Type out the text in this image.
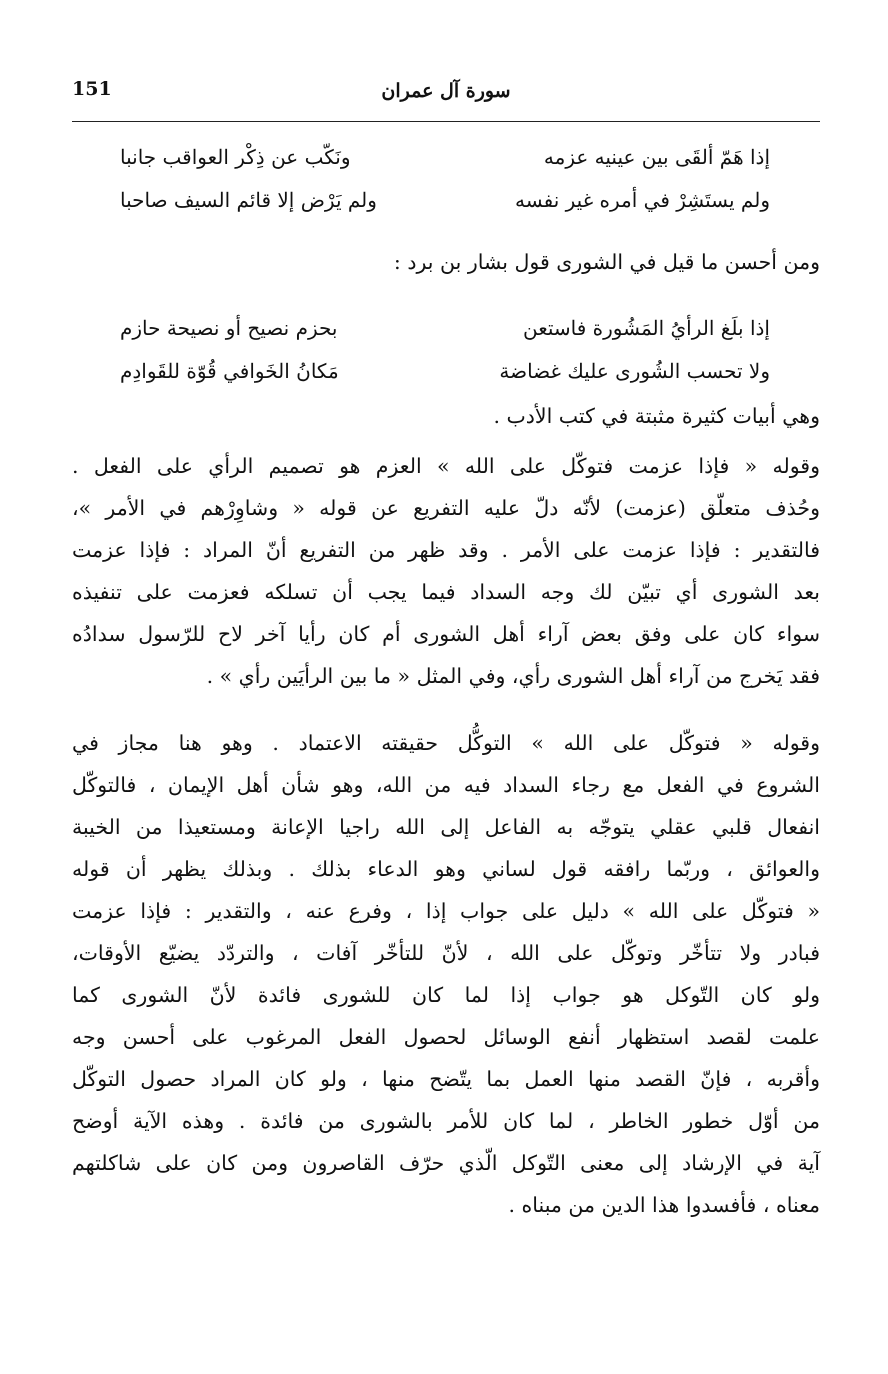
151	سورة آل عمران
إذا هَمّ ألقَى بين عينيه عزمه
ونَكّب عن ذِكْر العواقب جانبا
ولم يستَشِرْ في أمره غير نفسه
ولم يَرْض إلا قائم السيف صاحبا
ومن أحسن ما قيل في الشورى قول بشار بن برد :
إذا بلَغ الرأيُ المَشُورة فاستعن
بحزم نصيح أو نصيحة حازم
ولا تحسب الشُورى عليك غضاضة
مَكانُ الخَوافي قُوّة للقَوادِم
وهي أبيات كثيرة مثبتة في كتب الأدب .
وقوله « فإذا عزمت فتوكّل على الله » العزم هو تصميم الرأي على الفعل .
وحُذف متعلّق (عزمت) لأنّه دلّ عليه التفريع عن قوله « وشاوِرْهم في الأمر »،
فالتقدير : فإذا عزمت على الأمر . وقد ظهر من التفريع أنّ المراد : فإذا عزمت
بعد الشورى أي تبيّن لك وجه السداد فيما يجب أن تسلكه فعزمت على تنفيذه
سواء كان على وفق بعض آراء أهل الشورى أم كان رأيا آخر لاح للرّسول سدادُه
فقد يَخرج من آراء أهل الشورى رأي، وفي المثل « ما بين الرأيَين رأي » .
وقوله « فتوكّل على الله » التوكُّل حقيقته الاعتماد . وهو هنا مجاز في
الشروع في الفعل مع رجاء السداد فيه من الله، وهو شأن أهل الإيمان ، فالتوكّل
انفعال قلبي عقلي يتوجّه به الفاعل إلى الله راجيا الإعانة ومستعيذا من الخيبة
والعوائق ، وربّما رافقه قول لساني وهو الدعاء بذلك . وبذلك يظهر أن قوله
« فتوكّل على الله » دليل على جواب إذا ، وفرع عنه ، والتقدير : فإذا عزمت
فبادر ولا تتأخّر وتوكّل على الله ، لأنّ للتأخّر آفات ، والتردّد يضيّع الأوقات،
ولو كان التّوكل هو جواب إذا لما كان للشورى فائدة لأنّ الشورى كما
علمت لقصد استظهار أنفع الوسائل لحصول الفعل المرغوب على أحسن وجه
وأقربه ، فإنّ القصد منها العمل بما يتّضح منها ، ولو كان المراد حصول التوكّل
من أوّل خطور الخاطر ، لما كان للأمر بالشورى من فائدة . وهذه الآية أوضح
آية في الإرشاد إلى معنى التّوكل الّذي حرّف القاصرون ومن كان على شاكلتهم
معناه ، فأفسدوا هذا الدين من مبناه .
